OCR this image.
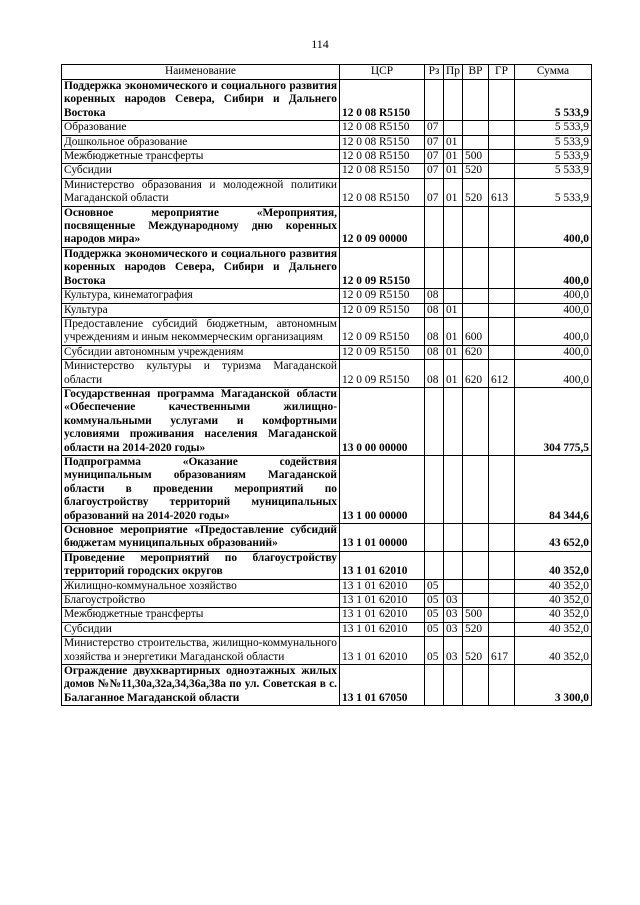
114
Наименование	ЦСР	Рз	Пр	ВР	ГР	Сумма
Поддержка экономического и социального развития коренных народов Севера, Сибири и Дальнего Востока	12 0 08 R5150					5 533,9
Образование	12 0 08 R5150	07				5 533,9
Дошкольное образование	12 0 08 R5150	07	01			5 533,9
Межбюджетные трансферты	12 0 08 R5150	07	01	500		5 533,9
Субсидии	12 0 08 R5150	07	01	520		5 533,9
Министерство образования и молодежной политики Магаданской области	12 0 08 R5150	07	01	520	613	5 533,9
Основное мероприятие «Мероприятия, посвященные Международному дню коренных народов мира»	12 0 09 00000					400,0
Поддержка экономического и социального развития коренных народов Севера, Сибири и Дальнего Востока	12 0 09 R5150					400,0
Культура, кинематография	12 0 09 R5150	08				400,0
Культура	12 0 09 R5150	08	01			400,0
Предоставление субсидий бюджетным, автономным учреждениям и иным некоммерческим организациям	12 0 09 R5150	08	01	600		400,0
Субсидии автономным учреждениям	12 0 09 R5150	08	01	620		400,0
Министерство культуры и туризма Магаданской области	12 0 09 R5150	08	01	620	612	400,0
Государственная программа Магаданской области «Обеспечение качественными жилищно-коммунальными услугами и комфортными условиями проживания населения Магаданской области на 2014-2020 годы»	13 0 00 00000					304 775,5
Подпрограмма «Оказание содействия муниципальным образованиям Магаданской области в проведении мероприятий по благоустройству территорий муниципальных образований на 2014-2020 годы»	13 1 00 00000					84 344,6
Основное мероприятие «Предоставление субсидий бюджетам муниципальных образований»	13 1 01 00000					43 652,0
Проведение мероприятий по благоустройству территорий городских округов	13 1 01 62010					40 352,0
Жилищно-коммунальное хозяйство	13 1 01 62010	05				40 352,0
Благоустройство	13 1 01 62010	05	03			40 352,0
Межбюджетные трансферты	13 1 01 62010	05	03	500		40 352,0
Субсидии	13 1 01 62010	05	03	520		40 352,0
Министерство строительства, жилищно-коммунального хозяйства и энергетики Магаданской области	13 1 01 62010	05	03	520	617	40 352,0
Ограждение двухквартирных одноэтажных жилых домов №№11,30а,32а,34,36а,38а по ул. Советская в с. Балаганное Магаданской области	13 1 01 67050					3 300,0
